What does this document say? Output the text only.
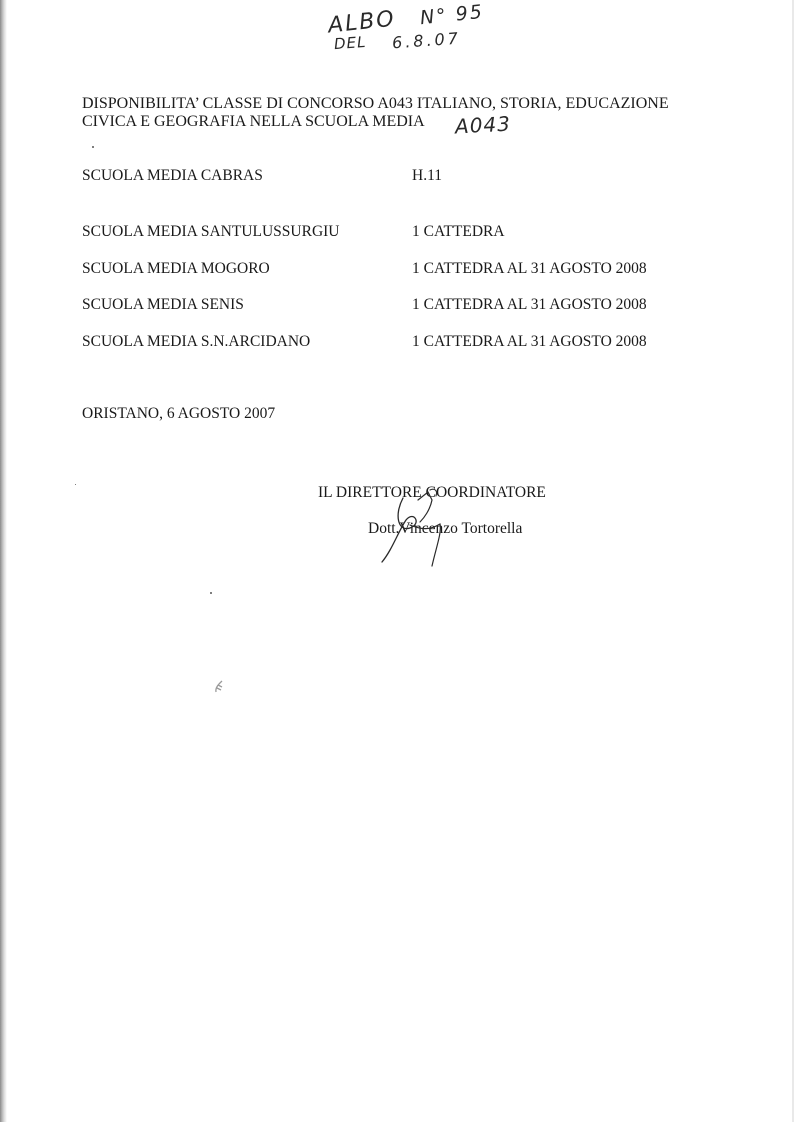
ALBO N° 95
DEL 6.8.07
DISPONIBILITA’ CLASSE DI CONCORSO A043 ITALIANO, STORIA, EDUCAZIONE
CIVICA E GEOGRAFIA NELLA SCUOLA MEDIA A043
SCUOLA MEDIA CABRAS	H.11
SCUOLA MEDIA SANTULUSSURGIU	1 CATTEDRA
SCUOLA MEDIA MOGORO	1 CATTEDRA AL 31 AGOSTO 2008
SCUOLA MEDIA SENIS	1 CATTEDRA AL 31 AGOSTO 2008
SCUOLA MEDIA S.N.ARCIDANO	1 CATTEDRA AL 31 AGOSTO 2008
ORISTANO, 6 AGOSTO 2007
IL DIRETTORE COORDINATORE
Dott.Vincenzo Tortorella
